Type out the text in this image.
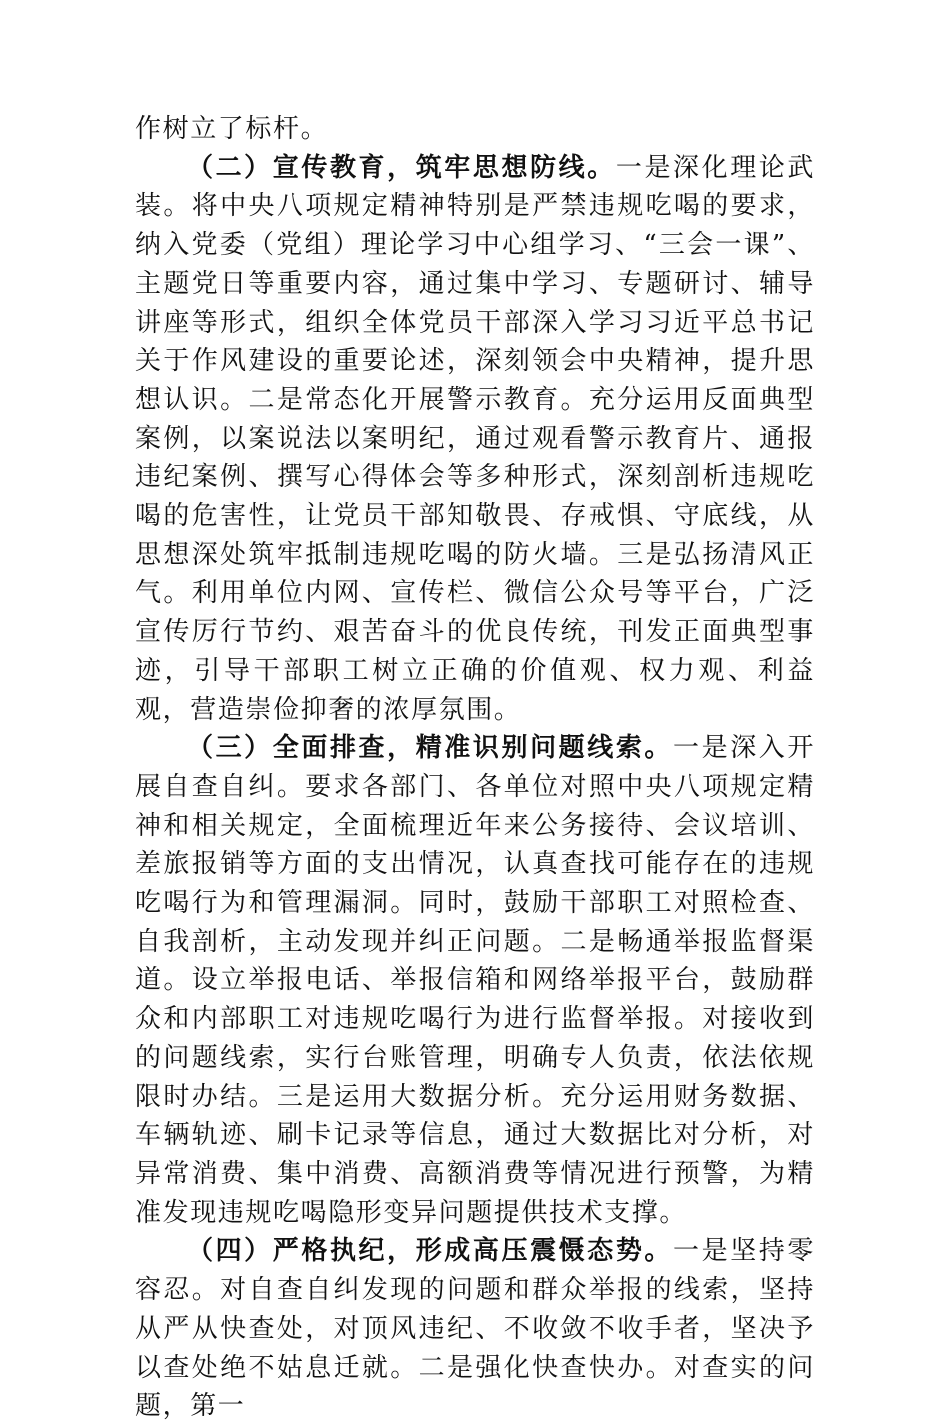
作树立了标杆。

（二）宣传教育，筑牢思想防线。一是深化理论武装。将中央八项规定精神特别是严禁违规吃喝的要求，纳入党委（党组）理论学习中心组学习、“三会一课”、主题党日等重要内容，通过集中学习、专题研讨、辅导讲座等形式，组织全体党员干部深入学习习近平总书记关于作风建设的重要论述，深刻领会中央精神，提升思想认识。二是常态化开展警示教育。充分运用反面典型案例，以案说法以案明纪，通过观看警示教育片、通报违纪案例、撰写心得体会等多种形式，深刻剖析违规吃喝的危害性，让党员干部知敬畏、存戒惧、守底线，从思想深处筑牢抵制违规吃喝的防火墙。三是弘扬清风正气。利用单位内网、宣传栏、微信公众号等平台，广泛宣传厉行节约、艰苦奋斗的优良传统，刊发正面典型事迹，引导干部职工树立正确的价值观、权力观、利益观，营造崇俭抑奢的浓厚氛围。

（三）全面排查，精准识别问题线索。一是深入开展自查自纠。要求各部门、各单位对照中央八项规定精神和相关规定，全面梳理近年来公务接待、会议培训、差旅报销等方面的支出情况，认真查找可能存在的违规吃喝行为和管理漏洞。同时，鼓励干部职工对照检查、自我剖析，主动发现并纠正问题。二是畅通举报监督渠道。设立举报电话、举报信箱和网络举报平台，鼓励群众和内部职工对违规吃喝行为进行监督举报。对接收到的问题线索，实行台账管理，明确专人负责，依法依规限时办结。三是运用大数据分析。充分运用财务数据、车辆轨迹、刷卡记录等信息，通过大数据比对分析，对异常消费、集中消费、高额消费等情况进行预警，为精准发现违规吃喝隐形变异问题提供技术支撑。

（四）严格执纪，形成高压震慑态势。一是坚持零容忍。对自查自纠发现的问题和群众举报的线索，坚持从严从快查处，对顶风违纪、不收敛不收手者，坚决予以查处绝不姑息迁就。二是强化快查快办。对查实的问题，第一
